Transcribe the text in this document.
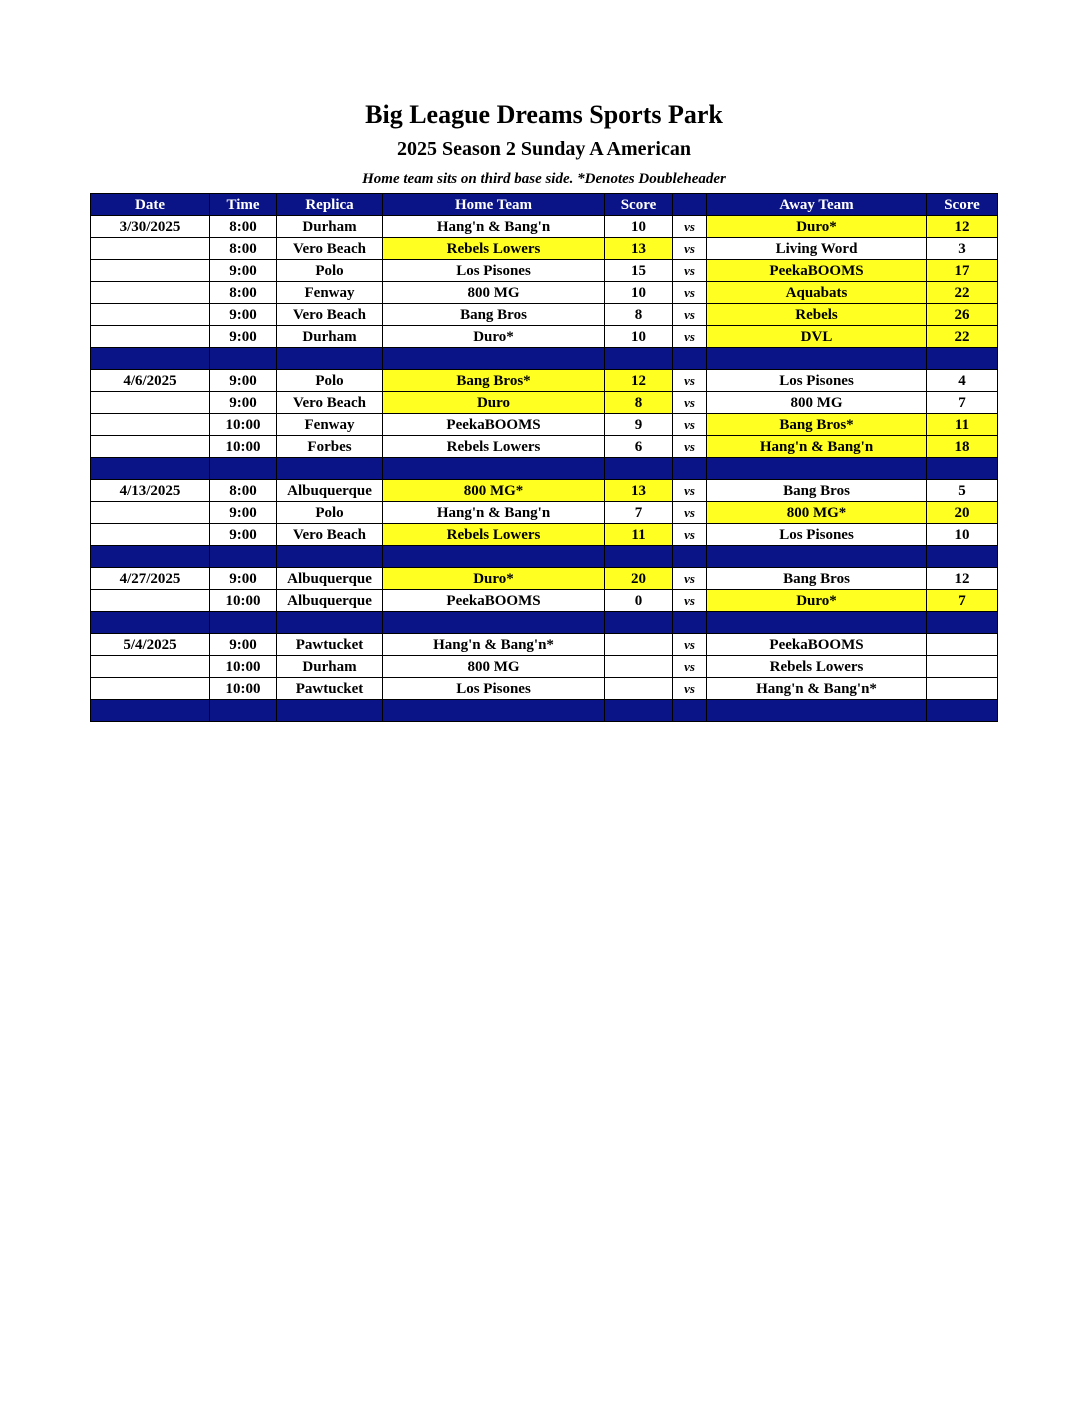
Big League Dreams Sports Park
2025 Season 2 Sunday A American
Home team sits on third base side. *Denotes Doubleheader
Date	Time	Replica	Home Team	Score		Away Team	Score
3/30/2025	8:00	Durham	Hang'n & Bang'n	10	vs	Duro*	12
	8:00	Vero Beach	Rebels Lowers	13	vs	Living Word	3
	9:00	Polo	Los Pisones	15	vs	PeekaBOOMS	17
	8:00	Fenway	800 MG	10	vs	Aquabats	22
	9:00	Vero Beach	Bang Bros	8	vs	Rebels	26
	9:00	Durham	Duro*	10	vs	DVL	22

4/6/2025	9:00	Polo	Bang Bros*	12	vs	Los Pisones	4
	9:00	Vero Beach	Duro	8	vs	800 MG	7
	10:00	Fenway	PeekaBOOMS	9	vs	Bang Bros*	11
	10:00	Forbes	Rebels Lowers	6	vs	Hang'n & Bang'n	18

4/13/2025	8:00	Albuquerque	800 MG*	13	vs	Bang Bros	5
	9:00	Polo	Hang'n & Bang'n	7	vs	800 MG*	20
	9:00	Vero Beach	Rebels Lowers	11	vs	Los Pisones	10

4/27/2025	9:00	Albuquerque	Duro*	20	vs	Bang Bros	12
	10:00	Albuquerque	PeekaBOOMS	0	vs	Duro*	7

5/4/2025	9:00	Pawtucket	Hang'n & Bang'n*		vs	PeekaBOOMS	
	10:00	Durham	800 MG		vs	Rebels Lowers	
	10:00	Pawtucket	Los Pisones		vs	Hang'n & Bang'n*	
